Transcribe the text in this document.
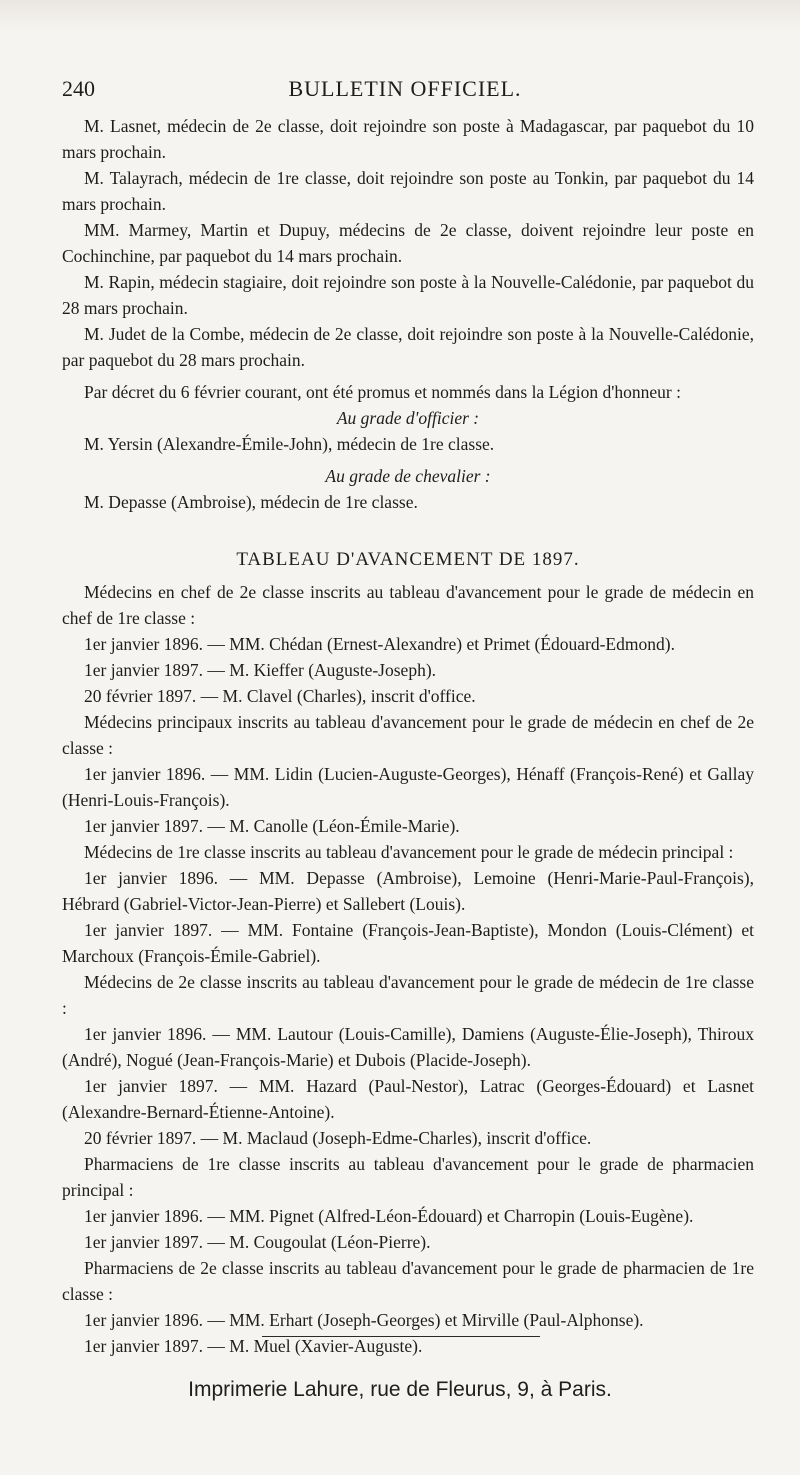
240	BULLETIN OFFICIEL.

M. Lasnet, médecin de 2e classe, doit rejoindre son poste à Madagascar, par paquebot du 10 mars prochain.

M. Talayrach, médecin de 1re classe, doit rejoindre son poste au Tonkin, par paquebot du 14 mars prochain.

MM. Marmey, Martin et Dupuy, médecins de 2e classe, doivent rejoindre leur poste en Cochinchine, par paquebot du 14 mars prochain.

M. Rapin, médecin stagiaire, doit rejoindre son poste à la Nouvelle-Calédonie, par paquebot du 28 mars prochain.

M. Judet de la Combe, médecin de 2e classe, doit rejoindre son poste à la Nouvelle-Calédonie, par paquebot du 28 mars prochain.

Par décret du 6 février courant, ont été promus et nommés dans la Légion d'honneur :

Au grade d'officier :

M. Yersin (Alexandre-Émile-John), médecin de 1re classe.

Au grade de chevalier :

M. Depasse (Ambroise), médecin de 1re classe.

TABLEAU D'AVANCEMENT DE 1897.

Médecins en chef de 2e classe inscrits au tableau d'avancement pour le grade de médecin en chef de 1re classe :

1er janvier 1896. — MM. Chédan (Ernest-Alexandre) et Primet (Édouard-Edmond).

1er janvier 1897. — M. Kieffer (Auguste-Joseph).

20 février 1897. — M. Clavel (Charles), inscrit d'office.

Médecins principaux inscrits au tableau d'avancement pour le grade de médecin en chef de 2e classe :

1er janvier 1896. — MM. Lidin (Lucien-Auguste-Georges), Hénaff (François-René) et Gallay (Henri-Louis-François).

1er janvier 1897. — M. Canolle (Léon-Émile-Marie).

Médecins de 1re classe inscrits au tableau d'avancement pour le grade de médecin principal :

1er janvier 1896. — MM. Depasse (Ambroise), Lemoine (Henri-Marie-Paul-François), Hébrard (Gabriel-Victor-Jean-Pierre) et Sallebert (Louis).

1er janvier 1897. — MM. Fontaine (François-Jean-Baptiste), Mondon (Louis-Clément) et Marchoux (François-Émile-Gabriel).

Médecins de 2e classe inscrits au tableau d'avancement pour le grade de médecin de 1re classe :

1er janvier 1896. — MM. Lautour (Louis-Camille), Damiens (Auguste-Élie-Joseph), Thiroux (André), Nogué (Jean-François-Marie) et Dubois (Placide-Joseph).

1er janvier 1897. — MM. Hazard (Paul-Nestor), Latrac (Georges-Édouard) et Lasnet (Alexandre-Bernard-Étienne-Antoine).

20 février 1897. — M. Maclaud (Joseph-Edme-Charles), inscrit d'office.

Pharmaciens de 1re classe inscrits au tableau d'avancement pour le grade de pharmacien principal :

1er janvier 1896. — MM. Pignet (Alfred-Léon-Édouard) et Charropin (Louis-Eugène).

1er janvier 1897. — M. Cougoulat (Léon-Pierre).

Pharmaciens de 2e classe inscrits au tableau d'avancement pour le grade de pharmacien de 1re classe :

1er janvier 1896. — MM. Erhart (Joseph-Georges) et Mirville (Paul-Alphonse).

1er janvier 1897. — M. Muel (Xavier-Auguste).

Imprimerie Lahure, rue de Fleurus, 9, à Paris.
